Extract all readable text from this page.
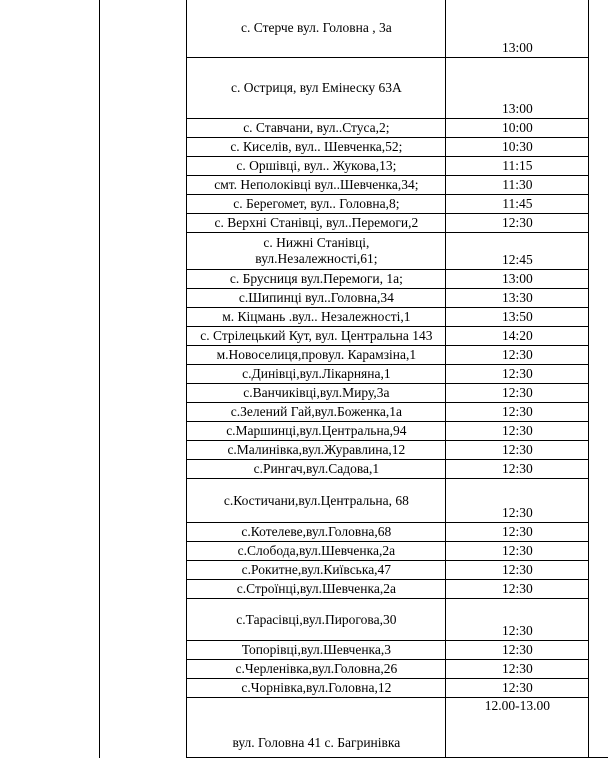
		с. Стерче вул. Головна , 3а	13:00	
		с. Остриця, вул Емінеску 63А	13:00	
		с. Ставчани, вул..Стуса,2;	10:00	
		с. Киселів, вул.. Шевченка,52;	10:30	
		с. Оршівці, вул.. Жукова,13;	11:15	
		смт. Неполоківці вул..Шевченка,34;	11:30	
		с. Берегомет, вул.. Головна,8;	11:45	
		с. Верхні Станівці, вул..Перемоги,2	12:30	

		с. Нижні Станівці,
вул.Незалежності,61;	12:45	
		с. Брусниця вул.Перемоги, 1а;	13:00	
		с.Шипинці вул..Головна,34	13:30	
		м. Кіцмань .вул.. Незалежності,1	13:50	
		с. Стрілецький Кут, вул. Центральна 143	14:20	
		м.Новоселиця,провул. Карамзіна,1	12:30	
		с.Динівці,вул.Лікарняна,1	12:30	
		с.Ванчиківці,вул.Миру,3а	12:30	
		с.Зелений Гай,вул.Боженка,1а	12:30	
		с.Маршинці,вул.Центральна,94	12:30	
		с.Малинівка,вул.Журавлина,12	12:30	
		с.Рингач,вул.Садова,1	12:30	
		с.Костичани,вул.Центральна, 68	12:30	
		с.Котелеве,вул.Головна,68	12:30	
		с.Слобода,вул.Шевченка,2а	12:30	
		с.Рокитне,вул.Київська,47	12:30	
		с.Строїнці,вул.Шевченка,2а	12:30	
		с.Тарасівці,вул.Пирогова,30	12:30	
		Топорівці,вул.Шевченка,3	12:30	
		с.Черленівка,вул.Головна,26	12:30	
		с.Чорнівка,вул.Головна,12	12:30	

		вул. Головна 41 с. Багринівка	12.00-13.00	
